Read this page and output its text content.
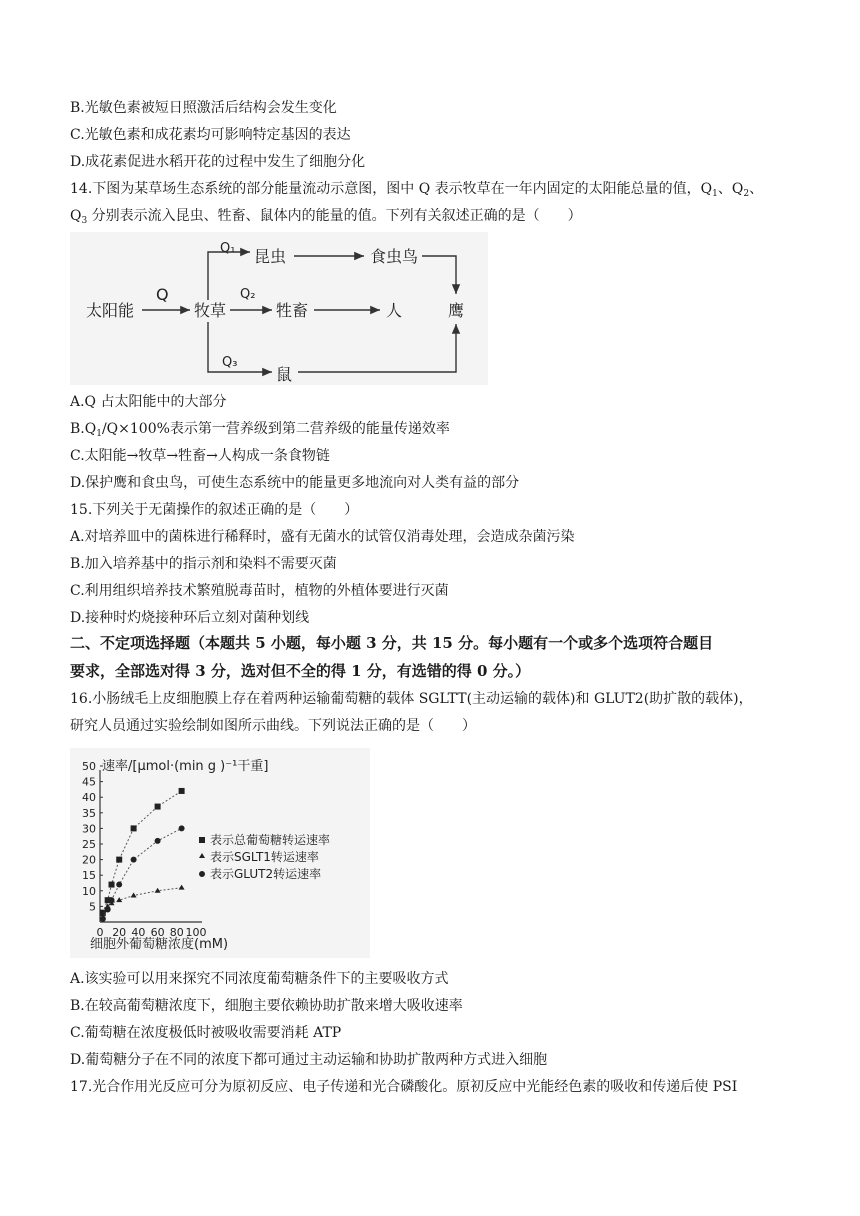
B.光敏色素被短日照激活后结构会发生变化
C.光敏色素和成花素均可影响特定基因的表达
D.成花素促进水稻开花的过程中发生了细胞分化
14.下图为某草场生态系统的部分能量流动示意图，图中 Q 表示牧草在一年内固定的太阳能总量的值，$Q_1$、$Q_2$、
$Q_3$ 分别表示流入昆虫、牲畜、鼠体内的能量的值。下列有关叙述正确的是（　　）
太阳能
Q
牧草
Q₁ 昆虫	食虫鸟
Q₂
牲畜	人	鹰
Q₃
鼠
A.Q 占太阳能中的大部分
$B.Q_1/Q\times 100\%$表示第一营养级到第二营养级的能量传递效率
C.太阳能→牧草→牲畜→人构成一条食物链
D.保护鹰和食虫鸟，可使生态系统中的能量更多地流向对人类有益的部分
15.下列关于无菌操作的叙述正确的是（　　）
A.对培养皿中的菌株进行稀释时，盛有无菌水的试管仅消毒处理，会造成杂菌污染
B.加入培养基中的指示剂和染料不需要灭菌
C.利用组织培养技术繁殖脱毒苗时，植物的外植体要进行灭菌
D.接种时灼烧接种环后立刻对菌种划线
二、不定项选择题（本题共 5 小题，每小题 3 分，共 15 分。每小题有一个或多个选项符合题目
要求，全部选对得 3 分，选对但不全的得 1 分，有选错的得 0 分。）
16.小肠绒毛上皮细胞膜上存在着两种运输葡萄糖的载体 SGLTT(主动运输的载体)和 GLUT2(助扩散的载体)，
研究人员通过实验绘制如图所示曲线。下列说法正确的是（　　）
速率/[μmol·(min g )⁻¹干重]
细胞外葡萄糖浓度(mM)
5
10
15
20
25
30
35
40
45
50
0 20 40 60 80 100
表示总葡萄糖转运速率
表示SGLT1转运速率
表示GLUT2转运速率
A.该实验可以用来探究不同浓度葡萄糖条件下的主要吸收方式
B.在较高葡萄糖浓度下，细胞主要依赖协助扩散来增大吸收速率
C.葡萄糖在浓度极低时被吸收需要消耗 ATP
D.葡萄糖分子在不同的浓度下都可通过主动运输和协助扩散两种方式进入细胞
17.光合作用光反应可分为原初反应、电子传递和光合磷酸化。原初反应中光能经色素的吸收和传递后使 PSI
